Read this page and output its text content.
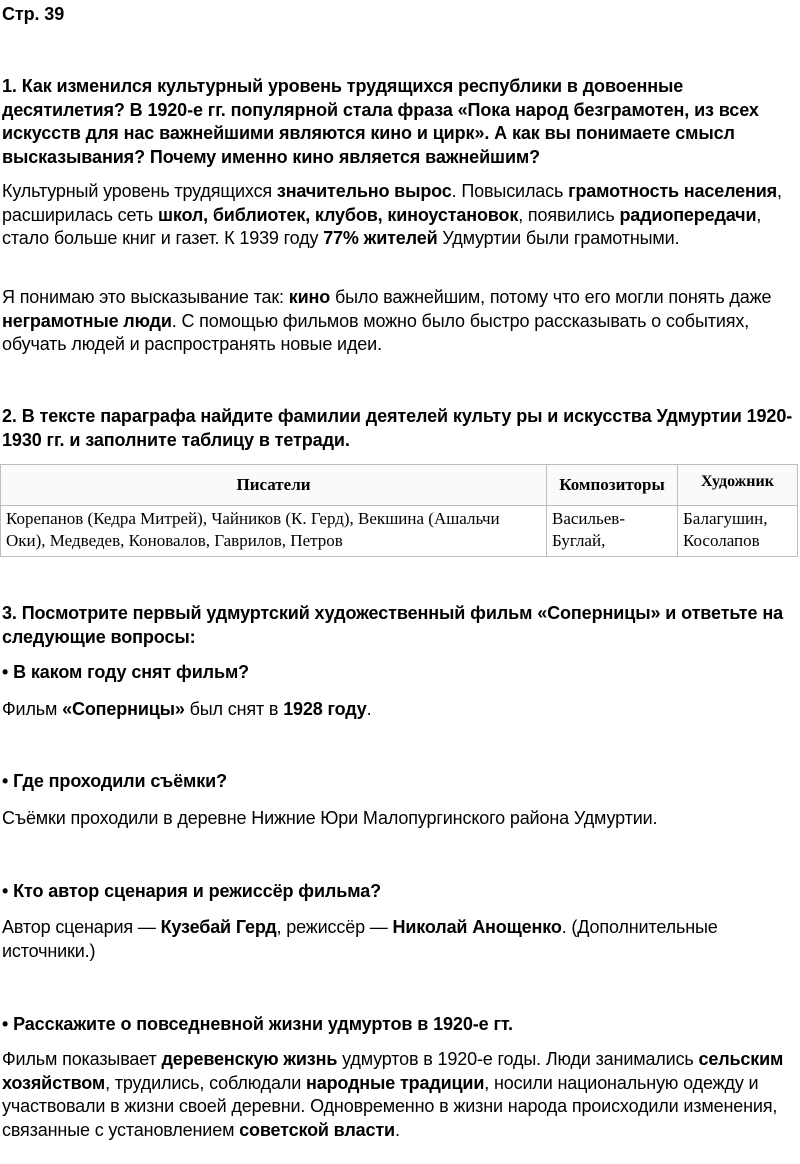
Стр. 39
1. Как изменился культурный уровень трудящихся республики в довоенные десятилетия? В 1920-е гг. популярной стала фраза «Пока народ безграмотен, из всех искусств для нас важнейшими являются кино и цирк». А как вы понимаете смысл высказывания? Почему именно кино является важнейшим?
Культурный уровень трудящихся значительно вырос. Повысилась грамотность населения, расширилась сеть школ, библиотек, клубов, киноустановок, появились радиопередачи, стало больше книг и газет. К 1939 году 77% жителей Удмуртии были грамотными.
Я понимаю это высказывание так: кино было важнейшим, потому что его могли понять даже неграмотные люди. С помощью фильмов можно было быстро рассказывать о событиях, обучать людей и распространять новые идеи.
2. В тексте параграфа найдите фамилии деятелей культу ры и искусства Удмуртии 1920-1930 гг. и заполните таблицу в тетради.
Писатели	Композиторы	Художник
Корепанов (Кедра Митрей), Чайников (К. Герд), Векшина (Ашальчи Оки), Медведев, Коновалов, Гаврилов, Петров	Васильев-Буглай,	Балагушин, Косолапов
3. Посмотрите первый удмуртский художественный фильм «Соперницы» и ответьте на следующие вопросы:
• В каком году снят фильм?
Фильм «Соперницы» был снят в 1928 году.
• Где проходили съёмки?
Съёмки проходили в деревне Нижние Юри Малопургинского района Удмуртии.
• Кто автор сценария и режиссёр фильма?
Автор сценария — Кузебай Герд, режиссёр — Николай Анощенко. (Дополнительные источники.)
• Расскажите о повседневной жизни удмуртов в 1920-е гт.
Фильм показывает деревенскую жизнь удмуртов в 1920-е годы. Люди занимались сельским хозяйством, трудились, соблюдали народные традиции, носили национальную одежду и участвовали в жизни своей деревни. Одновременно в жизни народа происходили изменения, связанные с установлением советской власти.
